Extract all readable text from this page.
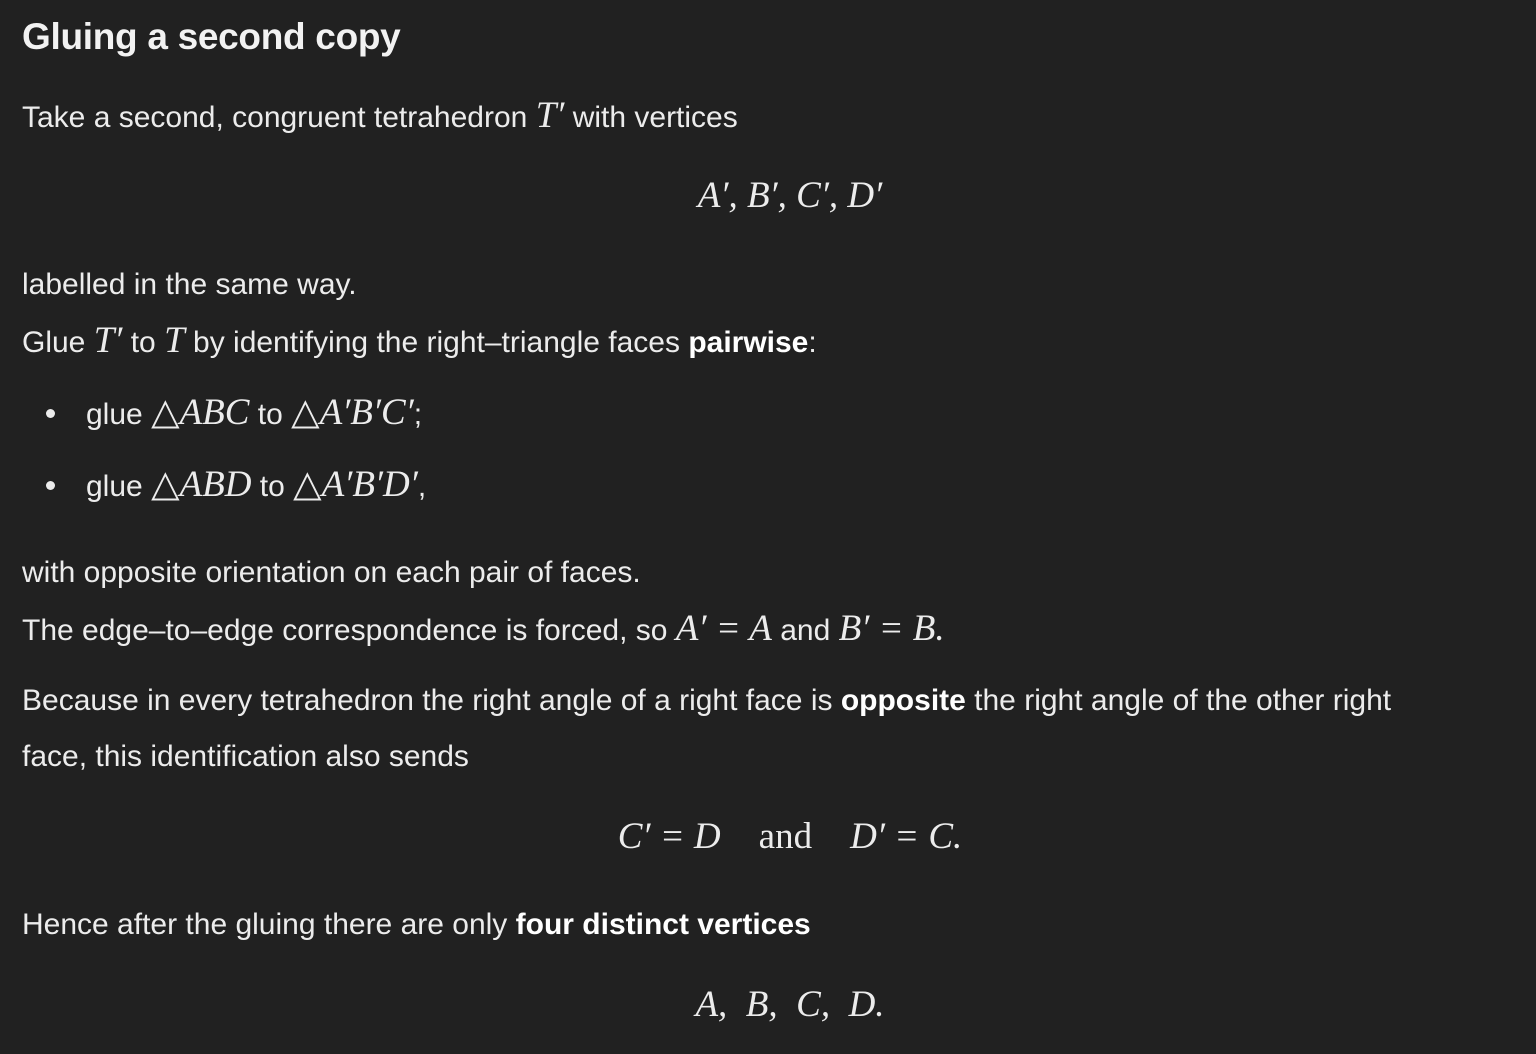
Gluing a second copy
Take a second, congruent tetrahedron T′ with vertices
A′, B′, C′, D′
labelled in the same way.
Glue T′ to T by identifying the right–triangle faces pairwise:
glue △ABC to △A′B′C′;
glue △ABD to △A′B′D′,
with opposite orientation on each pair of faces.
The edge–to–edge correspondence is forced, so A′ = A and B′ = B.
Because in every tetrahedron the right angle of a right face is opposite the right angle of the other right
face, this identification also sends
C′ = D and D′ = C.
Hence after the gluing there are only four distinct vertices
A,  B,  C,  D.
